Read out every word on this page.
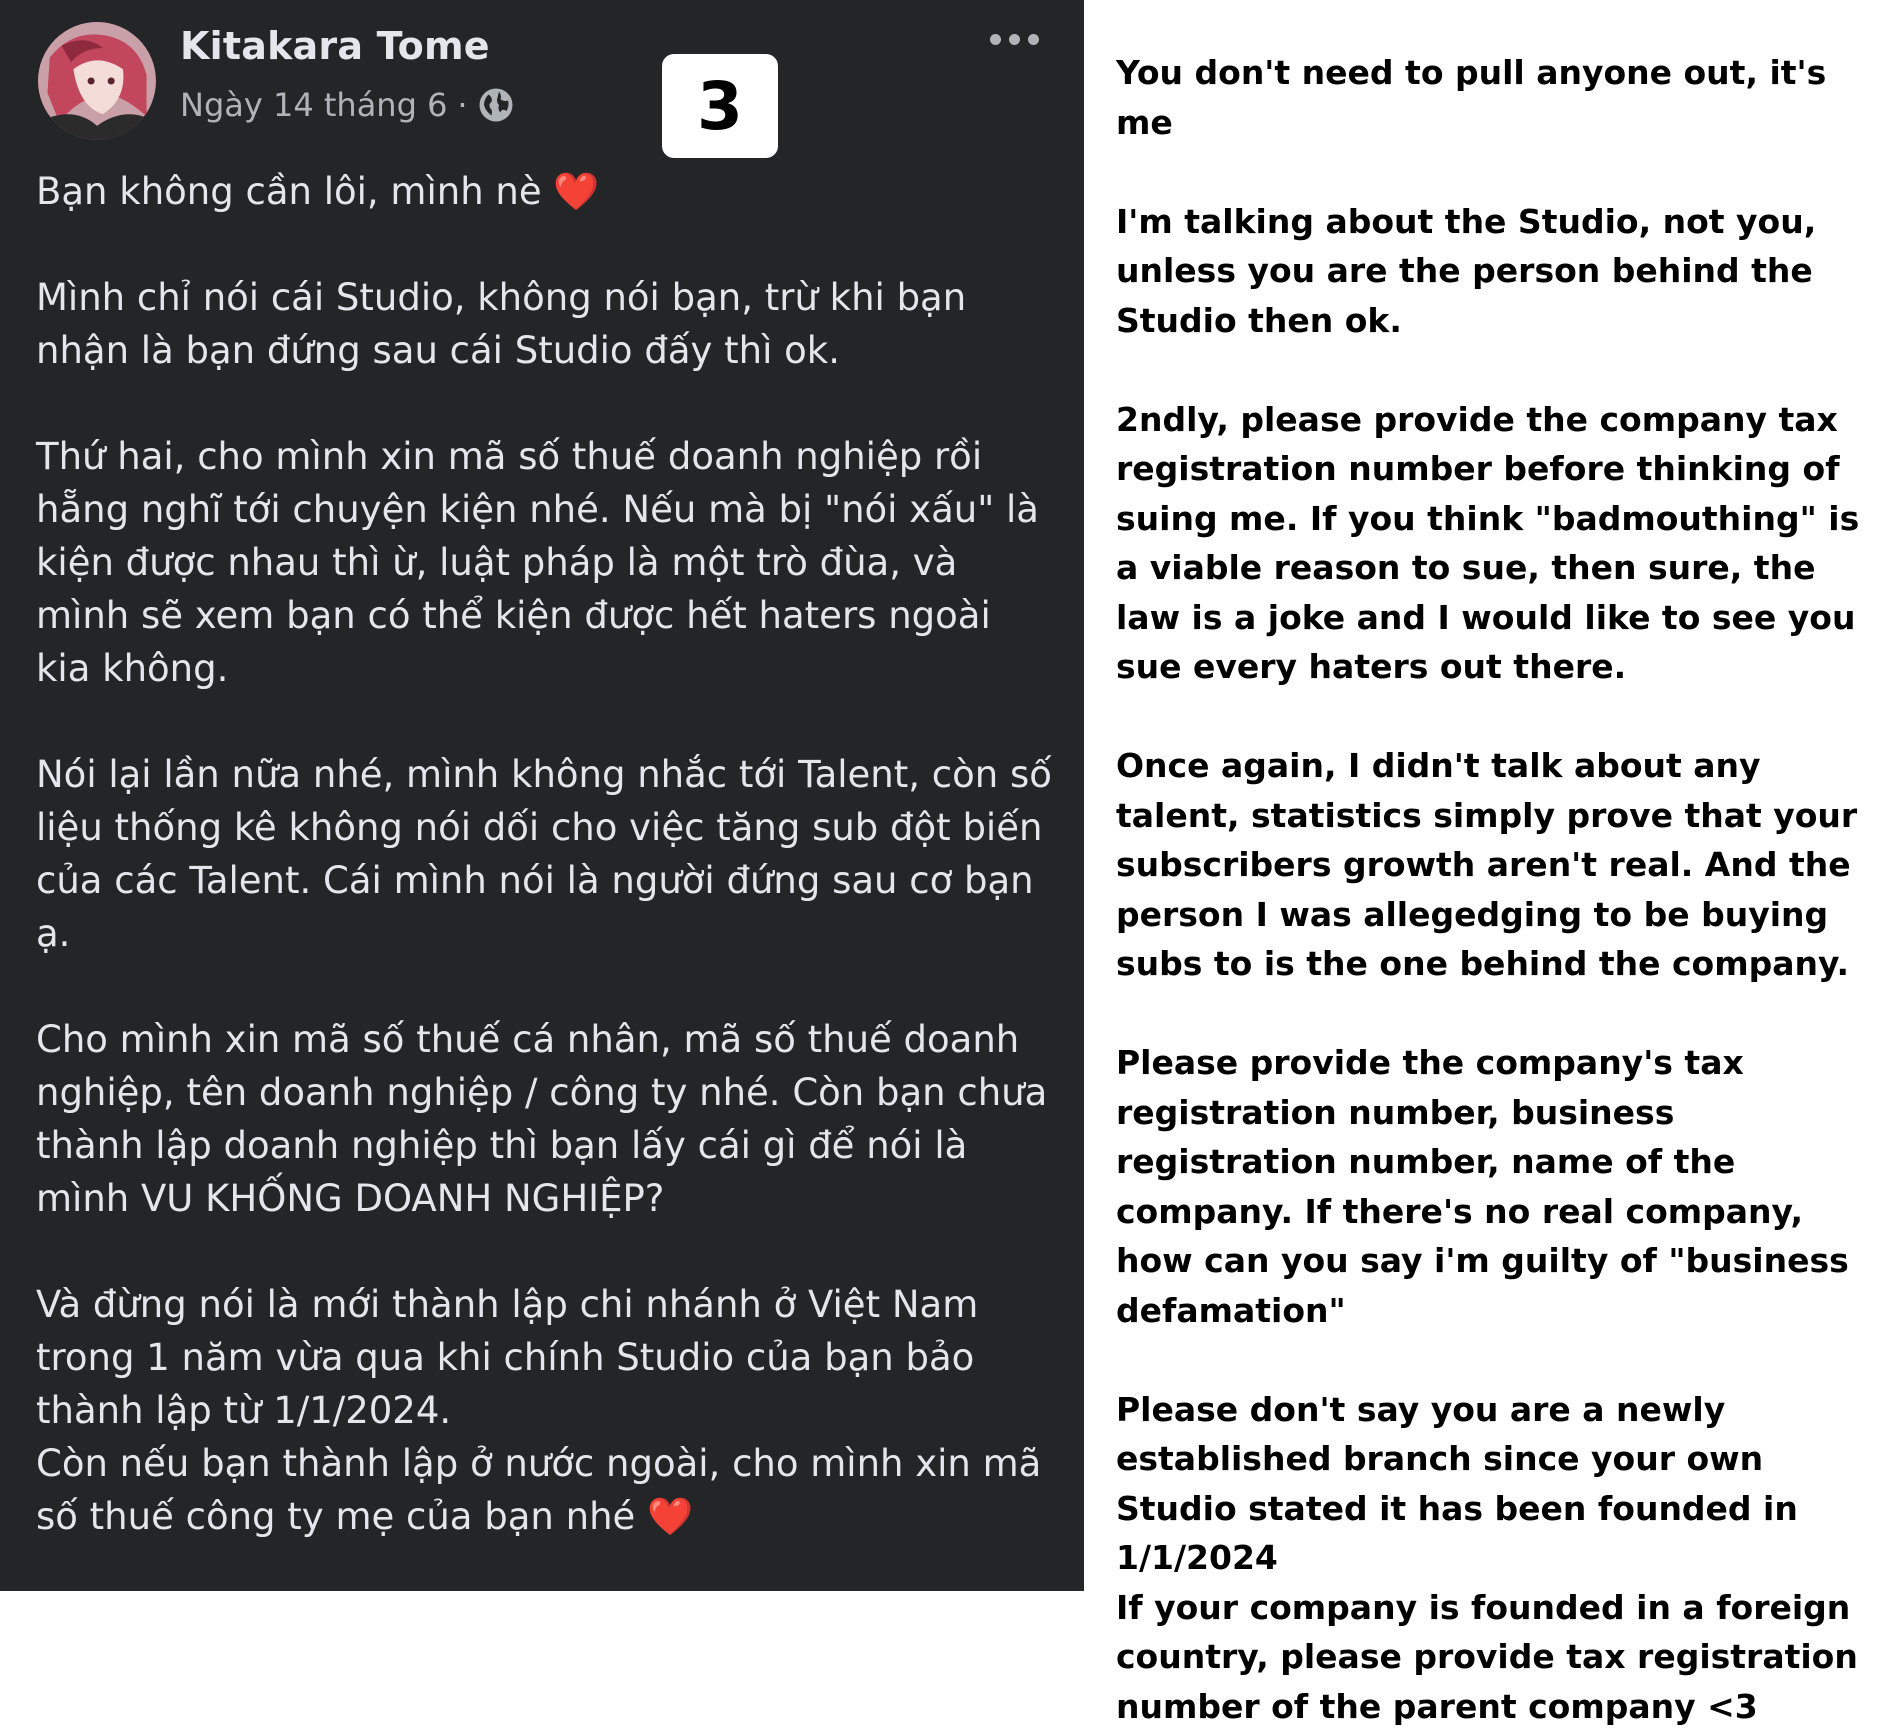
Kitakara Tome
Ngày 14 tháng 6 ·	3

Bạn không cần lôi, mình nè ❤️

Mình chỉ nói cái Studio, không nói bạn, trừ khi bạn nhận là bạn đứng sau cái Studio đấy thì ok.

Thứ hai, cho mình xin mã số thuế doanh nghiệp rồi hẵng nghĩ tới chuyện kiện nhé. Nếu mà bị "nói xấu" là kiện được nhau thì ừ, luật pháp là một trò đùa, và mình sẽ xem bạn có thể kiện được hết haters ngoài kia không.

Nói lại lần nữa nhé, mình không nhắc tới Talent, còn số liệu thống kê không nói dối cho việc tăng sub đột biến của các Talent. Cái mình nói là người đứng sau cơ bạn ạ.

Cho mình xin mã số thuế cá nhân, mã số thuế doanh nghiệp, tên doanh nghiệp / công ty nhé. Còn bạn chưa thành lập doanh nghiệp thì bạn lấy cái gì để nói là mình VU KHỐNG DOANH NGHIỆP?

Và đừng nói là mới thành lập chi nhánh ở Việt Nam trong 1 năm vừa qua khi chính Studio của bạn bảo thành lập từ 1/1/2024.

Còn nếu bạn thành lập ở nước ngoài, cho mình xin mã số thuế công ty mẹ của bạn nhé ❤️

You don't need to pull anyone out, it's me

I'm talking about the Studio, not you, unless you are the person behind the Studio then ok.

2ndly, please provide the company tax registration number before thinking of suing me. If you think "badmouthing" is a viable reason to sue, then sure, the law is a joke and I would like to see you sue every haters out there.

Once again, I didn't talk about any talent, statistics simply prove that your subscribers growth aren't real. And the person I was allegedging to be buying subs to is the one behind the company.

Please provide the company's tax registration number, business registration number, name of the company. If there's no real company, how can you say i'm guilty of "business defamation"

Please don't say you are a newly established branch since your own Studio stated it has been founded in 1/1/2024

If your company is founded in a foreign country, please provide tax registration number of the parent company <3
